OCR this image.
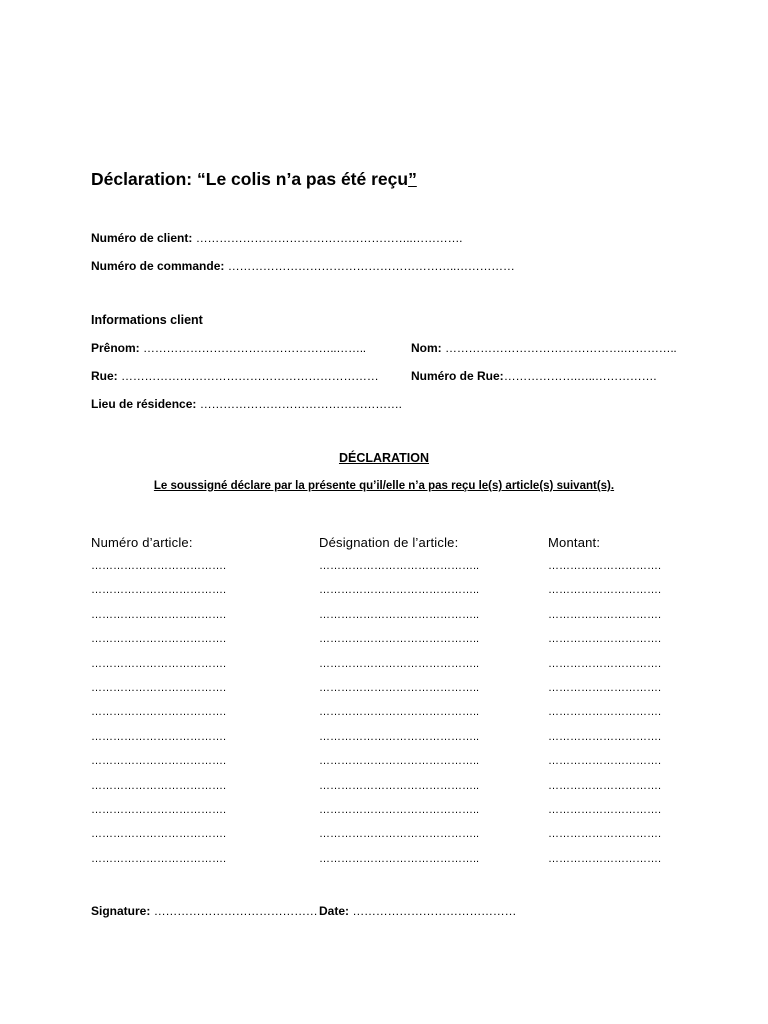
Déclaration: “Le colis n’a pas été reçu”
Numéro de client: ………………………………………………..………….
Numéro de commande: …………………………………………………..……………
Informations client
Prênom: …………………………………………..……..	Nom: ……………………………………….…………..
Rue: …………………………………………………………	Numéro de Rue:……………….…..…………….
Lieu de résidence: …………………………………………….
DÉCLARATION
Le soussigné déclare par la présente qu’il/elle n’a pas reçu le(s) article(s) suivant(s).
Numéro d’article:	Désignation de l’article:	Montant:
……………………………….	……………………………………..	………………………….
……………………………….	……………………………………..	………………………….
……………………………….	……………………………………..	………………………….
……………………………….	……………………………………..	………………………….
……………………………….	……………………………………..	………………………….
……………………………….	……………………………………..	………………………….
……………………………….	……………………………………..	………………………….
……………………………….	……………………………………..	………………………….
……………………………….	……………………………………..	………………………….
……………………………….	……………………………………..	………………………….
……………………………….	……………………………………..	………………………….
……………………………….	……………………………………..	………………………….
……………………………….	……………………………………..	………………………….
Signature: …………………………………… Date: ……………………………………
